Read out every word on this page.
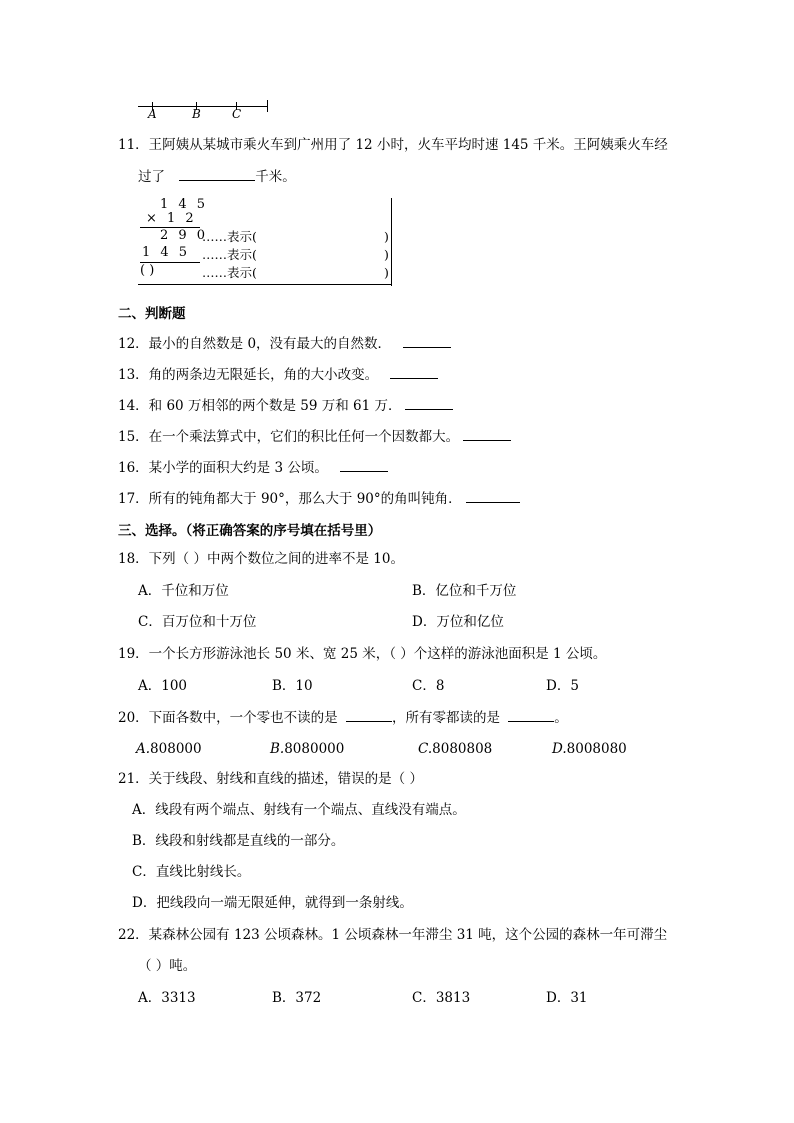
A	B	C
11．王阿姨从某城市乘火车到广州用了 12 小时，火车平均时速 145 千米。王阿姨乘火车经
过了	千米。
1 4 5
× 1 2
2 9 0
……表示(	)
1 4 5 ……表示(	)
( )	……表示(	)
二、判断题
12．最小的自然数是 0，没有最大的自然数．
13．角的两条边无限延长，角的大小改变。
14．和 60 万相邻的两个数是 59 万和 61 万．
15．在一个乘法算式中，它们的积比任何一个因数都大。
16．某小学的面积大约是 3 公顷。
17．所有的钝角都大于 90°，那么大于 90°的角叫钝角．
三、选择。（将正确答案的序号填在括号里）
18．下列（ ）中两个数位之间的进率不是 10。
A．千位和万位	B．亿位和千万位
C．百万位和十万位	D．万位和亿位
19．一个长方形游泳池长 50 米、宽 25 米，（ ）个这样的游泳池面积是 1 公顷。
A．100	B．10	C．8	D．5
20．下面各数中，一个零也不读的是	，所有零都读的是	。
A.808000	B.8080000	C.8080808	D.8008080
21．关于线段、射线和直线的描述，错误的是（ ）
A．线段有两个端点、射线有一个端点、直线没有端点。
B．线段和射线都是直线的一部分。
C．直线比射线长。
D．把线段向一端无限延伸，就得到一条射线。
22．某森林公园有 123 公顷森林。1 公顷森林一年滞尘 31 吨，这个公园的森林一年可滞尘
（ ）吨。
A．3313	B．372	C．3813	D．31
